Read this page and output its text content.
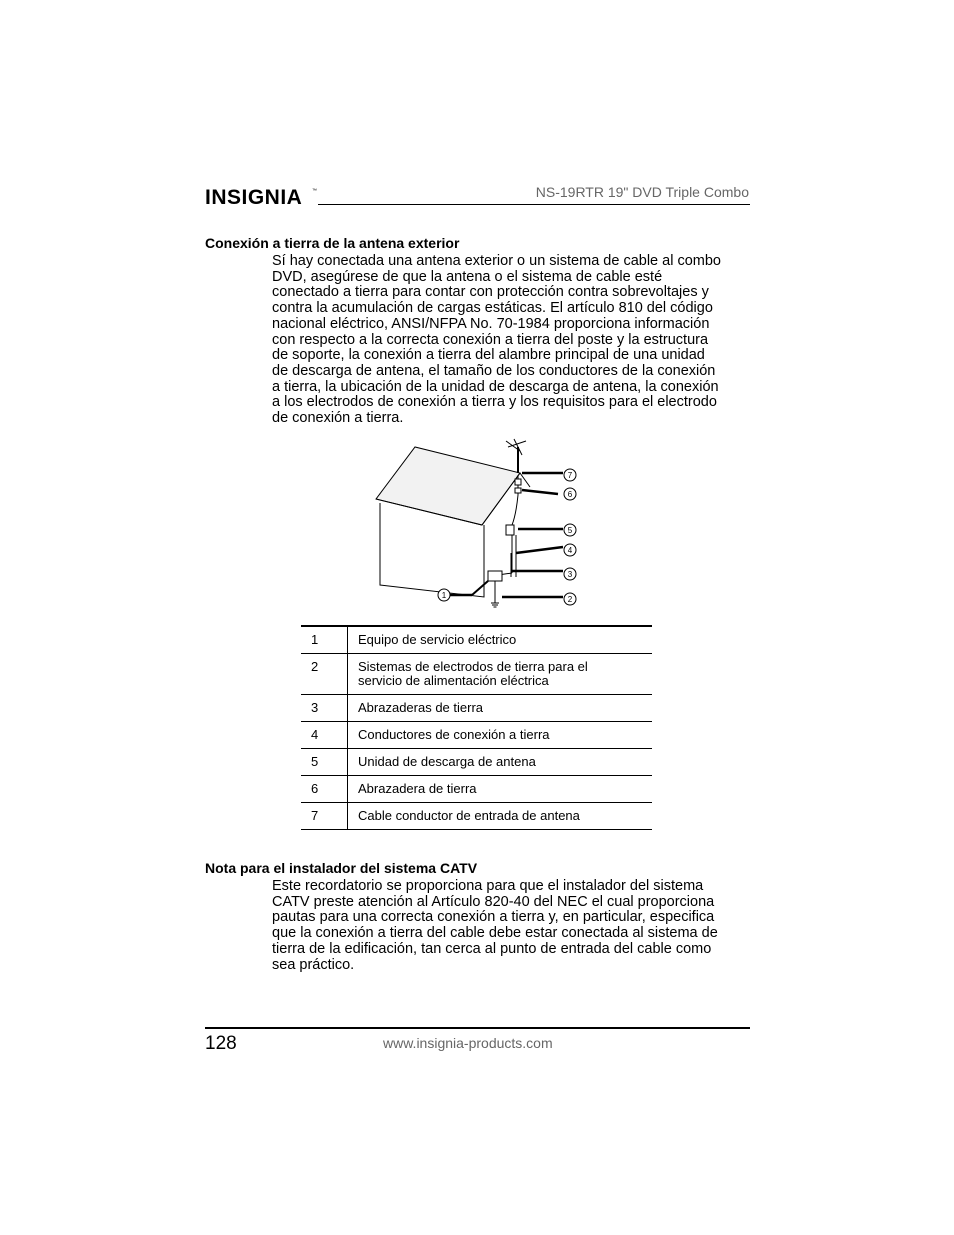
INSIGNIA ™	NS-19RTR 19" DVD Triple Combo
Conexión a tierra de la antena exterior
Sí hay conectada una antena exterior o un sistema de cable al combo
DVD, asegúrese de que la antena o el sistema de cable esté
conectado a tierra para contar con protección contra sobrevoltajes y
contra la acumulación de cargas estáticas. El artículo 810 del código
nacional eléctrico, ANSI/NFPA No. 70-1984 proporciona información
con respecto a la correcta conexión a tierra del poste y la estructura
de soporte, la conexión a tierra del alambre principal de una unidad
de descarga de antena, el tamaño de los conductores de la conexión
a tierra, la ubicación de la unidad de descarga de antena, la conexión
a los electrodos de conexión a tierra y los requisitos para el electrodo
de conexión a tierra.
7
6
5
4
3
2
1
1	Equipo de servicio eléctrico
2	Sistemas de electrodos de tierra para el
servicio de alimentación eléctrica
3	Abrazaderas de tierra
4	Conductores de conexión a tierra
5	Unidad de descarga de antena
6	Abrazadera de tierra
7	Cable conductor de entrada de antena
Nota para el instalador del sistema CATV
Este recordatorio se proporciona para que el instalador del sistema
CATV preste atención al Artículo 820-40 del NEC el cual proporciona
pautas para una correcta conexión a tierra y, en particular, especifica
que la conexión a tierra del cable debe estar conectada al sistema de
tierra de la edificación, tan cerca al punto de entrada del cable como
sea práctico.
128	www.insignia-products.com
